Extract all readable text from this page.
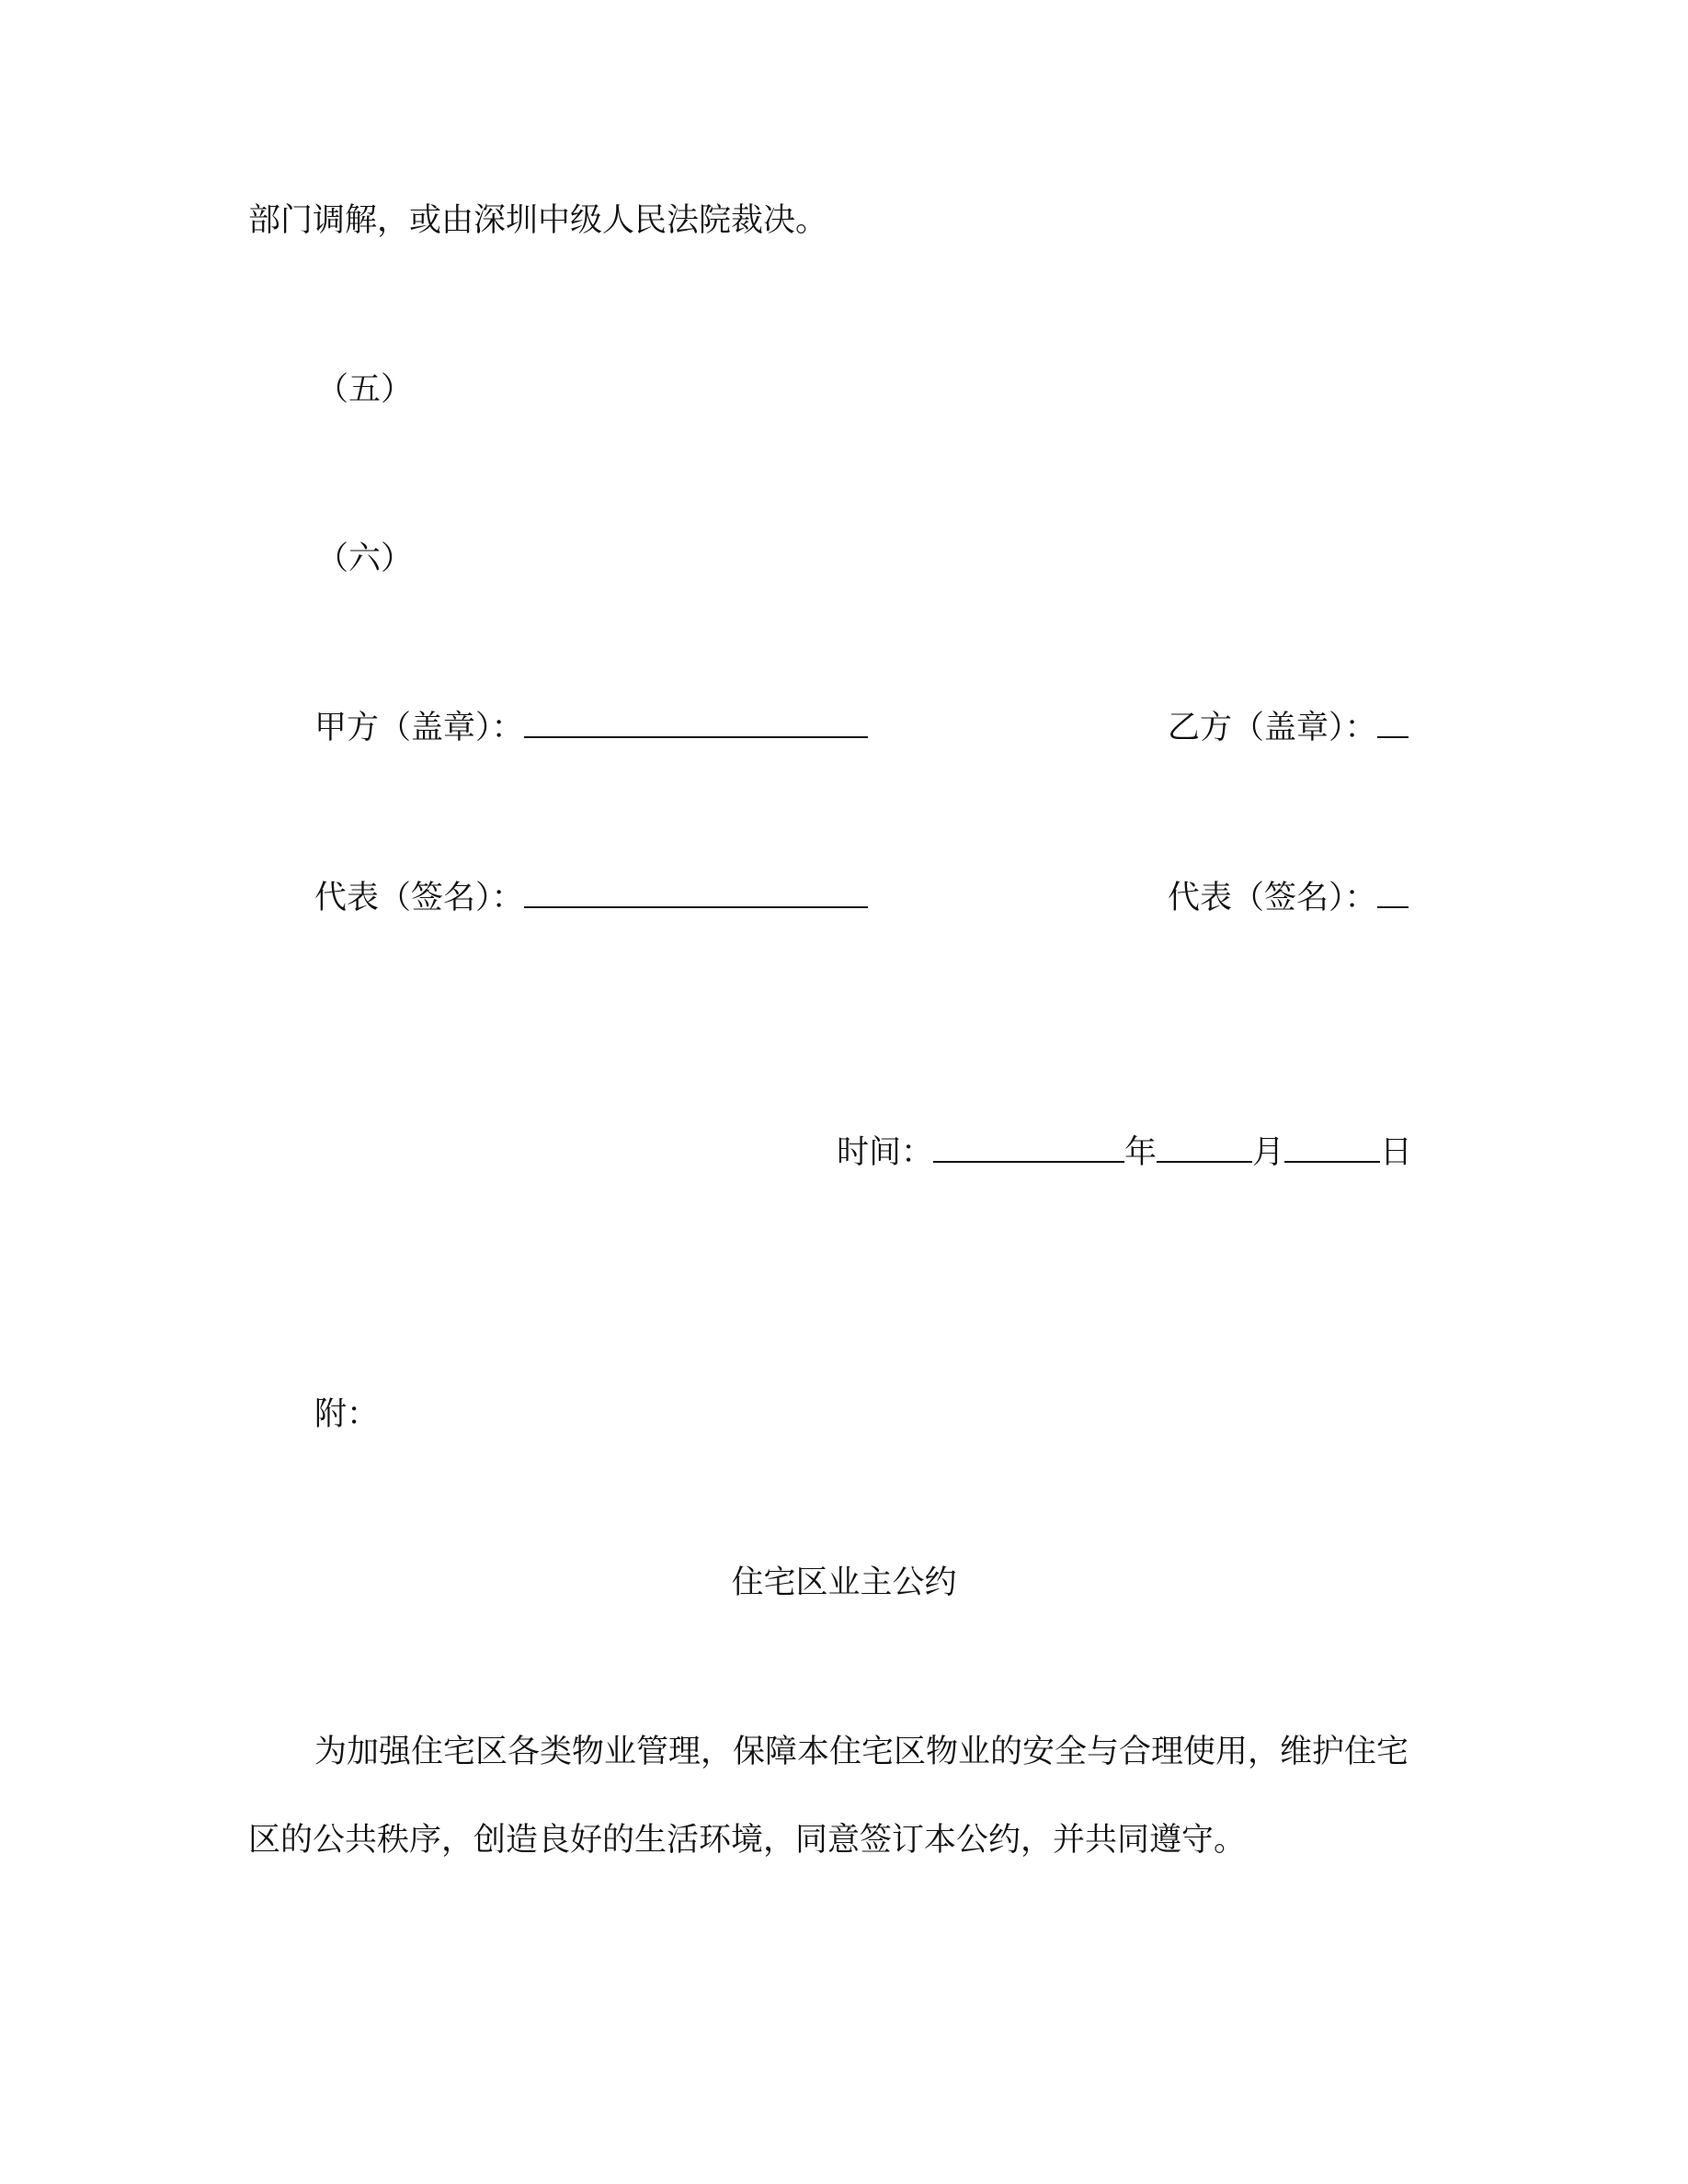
部门调解，或由深圳中级人民法院裁决。
（五）
（六）
甲方（盖章）：	乙方（盖章）：
代表（签名）：	代表（签名）：
时间：	年	月	日
附：
住宅区业主公约
为加强住宅区各类物业管理，保障本住宅区物业的安全与合理使用，维护住宅
区的公共秩序，创造良好的生活环境，同意签订本公约，并共同遵守。
